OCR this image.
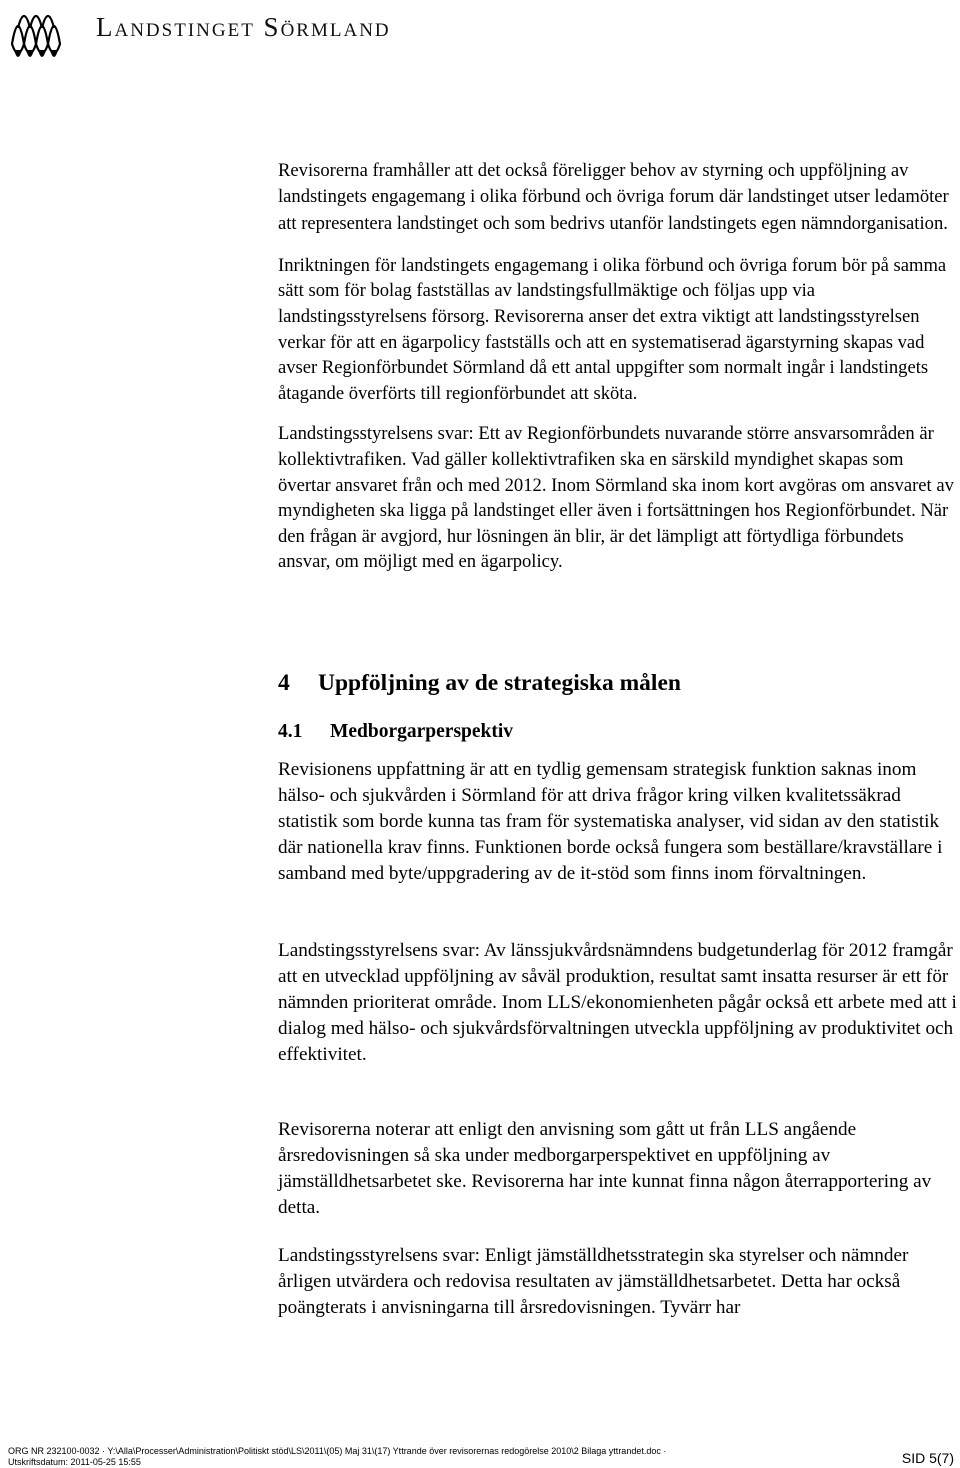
Landstinget Sörmland

Revisorerna framhåller att det också föreligger behov av styrning och uppföljning av landstingets engagemang i olika förbund och övriga forum där landstinget utser ledamöter att representera landstinget och som bedrivs utanför landstingets egen nämndorganisation.

Inriktningen för landstingets engagemang i olika förbund och övriga forum bör på samma sätt som för bolag fastställas av landstingsfullmäktige och följas upp via landstingsstyrelsens försorg. Revisorerna anser det extra viktigt att landstingsstyrelsen verkar för att en ägarpolicy fastställs och att en systematiserad ägarstyrning skapas vad avser Regionförbundet Sörmland då ett antal uppgifter som normalt ingår i landstingets åtagande överförts till regionförbundet att sköta.

Landstingsstyrelsens svar: Ett av Regionförbundets nuvarande större ansvarsområden är kollektivtrafiken. Vad gäller kollektivtrafiken ska en särskild myndighet skapas som övertar ansvaret från och med 2012. Inom Sörmland ska inom kort avgöras om ansvaret av myndigheten ska ligga på landstinget eller även i fortsättningen hos Regionförbundet. När den frågan är avgjord, hur lösningen än blir, är det lämpligt att förtydliga förbundets ansvar, om möjligt med en ägarpolicy.

4 Uppföljning av de strategiska målen
4.1 Medborgarperspektiv

Revisionens uppfattning är att en tydlig gemensam strategisk funktion saknas inom hälso- och sjukvården i Sörmland för att driva frågor kring vilken kvalitetssäkrad statistik som borde kunna tas fram för systematiska analyser, vid sidan av den statistik där nationella krav finns. Funktionen borde också fungera som beställare/kravställare i samband med byte/uppgradering av de it-stöd som finns inom förvaltningen.

Landstingsstyrelsens svar: Av länssjukvårdsnämndens budgetunderlag för 2012 framgår att en utvecklad uppföljning av såväl produktion, resultat samt insatta resurser är ett för nämnden prioriterat område. Inom LLS/ekonomienheten pågår också ett arbete med att i dialog med hälso- och sjukvårdsförvaltningen utveckla uppföljning av produktivitet och effektivitet.

Revisorerna noterar att enligt den anvisning som gått ut från LLS angående årsredovisningen så ska under medborgarperspektivet en uppföljning av jämställdhetsarbetet ske. Revisorerna har inte kunnat finna någon återrapportering av detta.

Landstingsstyrelsens svar: Enligt jämställdhetsstrategin ska styrelser och nämnder årligen utvärdera och redovisa resultaten av jämställdhetsarbetet. Detta har också poängterats i anvisningarna till årsredovisningen. Tyvärr har

ORG NR 232100-0032 · Y:\Alla\Processer\Administration\Politiskt stöd\LS\2011\(05) Maj 31\(17) Yttrande över revisorernas redogörelse 2010\2 Bilaga yttrandet.doc ·
Utskriftsdatum: 2011-05-25 15:55	SID 5(7)
